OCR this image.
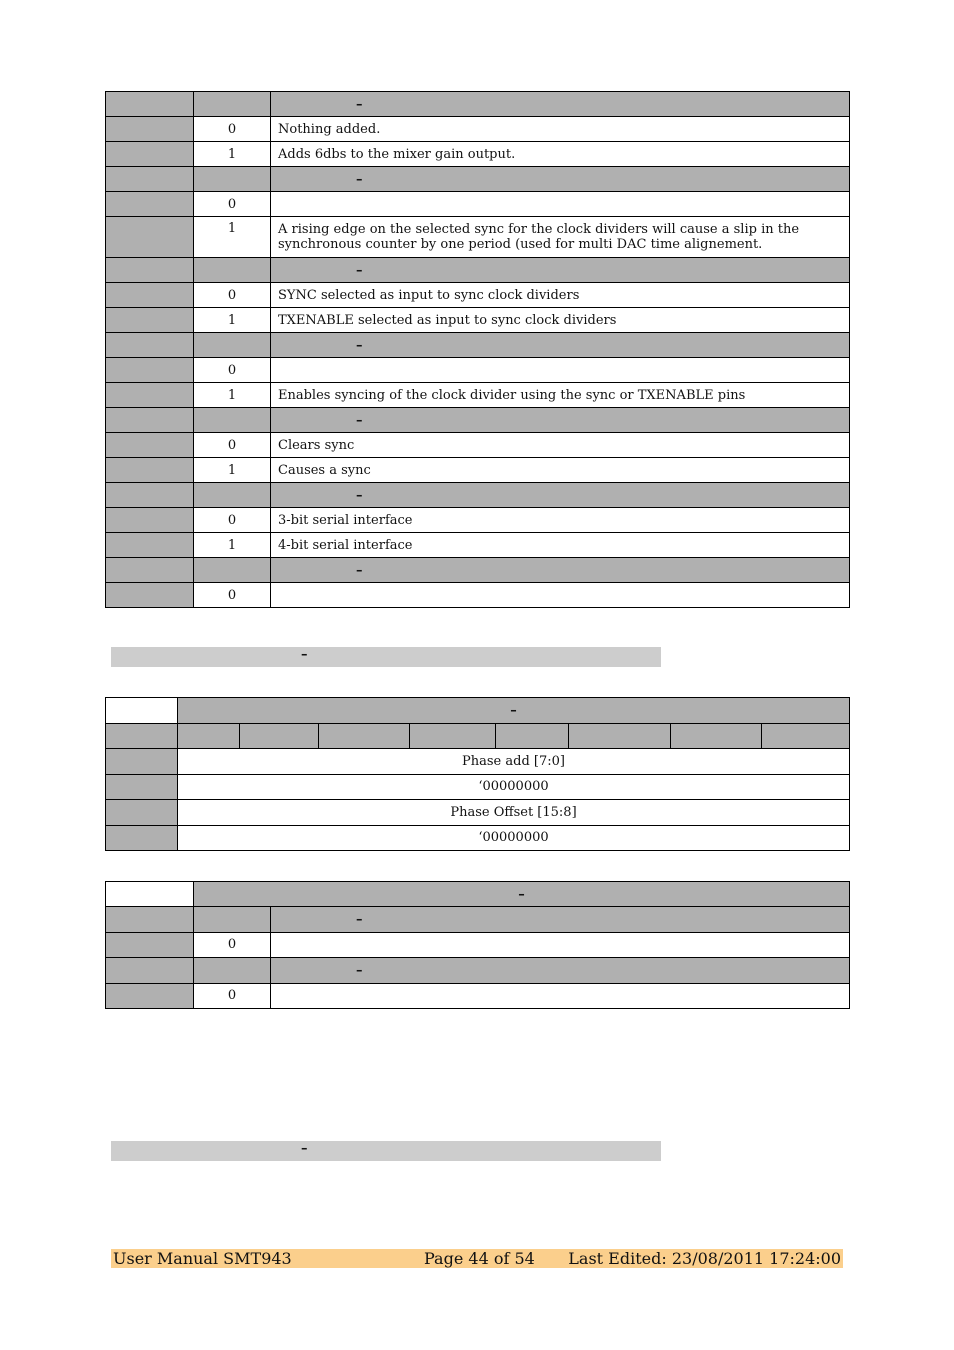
		–
	0	Nothing added.
	1	Adds 6dbs to the mixer gain output.
		–
	0	
	1	A rising edge on the selected sync for the clock dividers will cause a slip in the synchronous counter by one period (used for multi DAC time alignement.
		–
	0	SYNC selected as input to sync clock dividers
	1	TXENABLE selected as input to sync clock dividers
		–
	0	
	1	Enables syncing of the clock divider using the sync or TXENABLE pins
		–
	0	Clears sync
	1	Causes a sync
		–
	0	3-bit serial interface
	1	4-bit serial interface
		–
	0	
–
	–							

	Phase add [7:0]							
	‘00000000							
	Phase Offset [15:8]							
	‘00000000							
	–	
		–
	0	
		–
	0	
–
User Manual SMT943	Page 44 of 54 Last Edited: 23/08/2011 17:24:00
